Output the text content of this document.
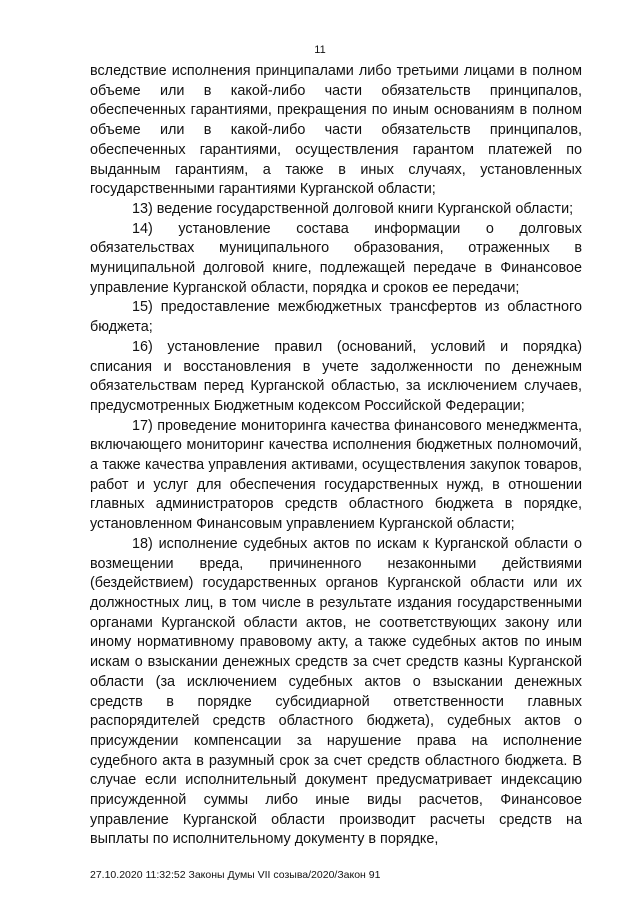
11

вследствие исполнения принципалами либо третьими лицами в полном объеме или в какой-либо части обязательств принципалов, обеспеченных гарантиями, прекращения по иным основаниям в полном объеме или в какой-либо части обязательств принципалов, обеспеченных гарантиями, осуществления гарантом платежей по выданным гарантиям, а также в иных случаях, установленных государственными гарантиями Курганской области;

13) ведение государственной долговой книги Курганской области;

14) установление состава информации о долговых обязательствах муниципального образования, отраженных в муниципальной долговой книге, подлежащей передаче в Финансовое управление Курганской области, порядка и сроков ее передачи;

15) предоставление межбюджетных трансфертов из областного бюджета;

16) установление правил (оснований, условий и порядка) списания и восстановления в учете задолженности по денежным обязательствам перед Курганской областью, за исключением случаев, предусмотренных Бюджетным кодексом Российской Федерации;

17) проведение мониторинга качества финансового менеджмента, включающего мониторинг качества исполнения бюджетных полномочий, а также качества управления активами, осуществления закупок товаров, работ и услуг для обеспечения государственных нужд, в отношении главных администраторов средств областного бюджета в порядке, установленном Финансовым управлением Курганской области;

18) исполнение судебных актов по искам к Курганской области о возмещении вреда, причиненного незаконными действиями (бездействием) государственных органов Курганской области или их должностных лиц, в том числе в результате издания государственными органами Курганской области актов, не соответствующих закону или иному нормативному правовому акту, а также судебных актов по иным искам о взыскании денежных средств за счет средств казны Курганской области (за исключением судебных актов о взыскании денежных средств в порядке субсидиарной ответственности главных распорядителей средств областного бюджета), судебных актов о присуждении компенсации за нарушение права на исполнение судебного акта в разумный срок за счет средств областного бюджета. В случае если исполнительный документ предусматривает индексацию присужденной суммы либо иные виды расчетов, Финансовое управление Курганской области производит расчеты средств на выплаты по исполнительному документу в порядке,

27.10.2020 11:32:52 Законы Думы VII созыва/2020/Закон 91
